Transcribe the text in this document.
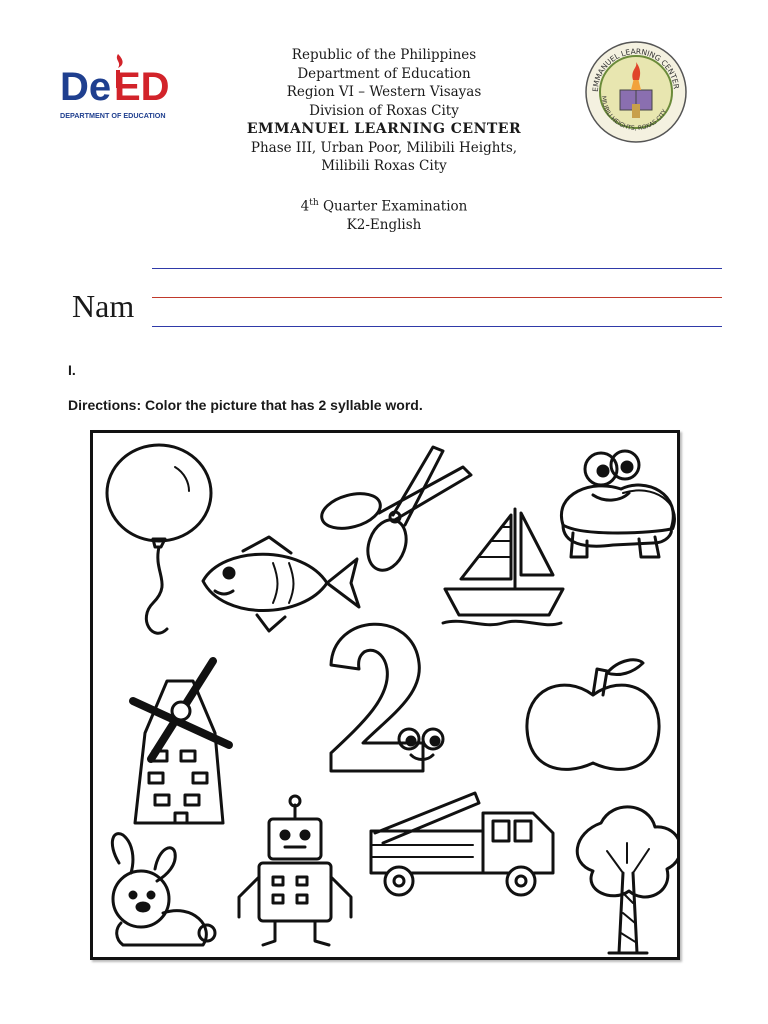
De ED
DEPARTMENT OF EDUCATION
Republic of the Philippines
Department of Education
Region VI – Western Visayas
Division of Roxas City
EMMANUEL LEARNING CENTER
Phase III, Urban Poor, Milibili Heights,
Milibili Roxas City
4th Quarter Examination
K2-English
EMMANUEL LEARNING CENTER
MILIBILI HEIGHTS, ROXAS CITY
Nam
I.
Directions: Color the picture that has 2 syllable word.
